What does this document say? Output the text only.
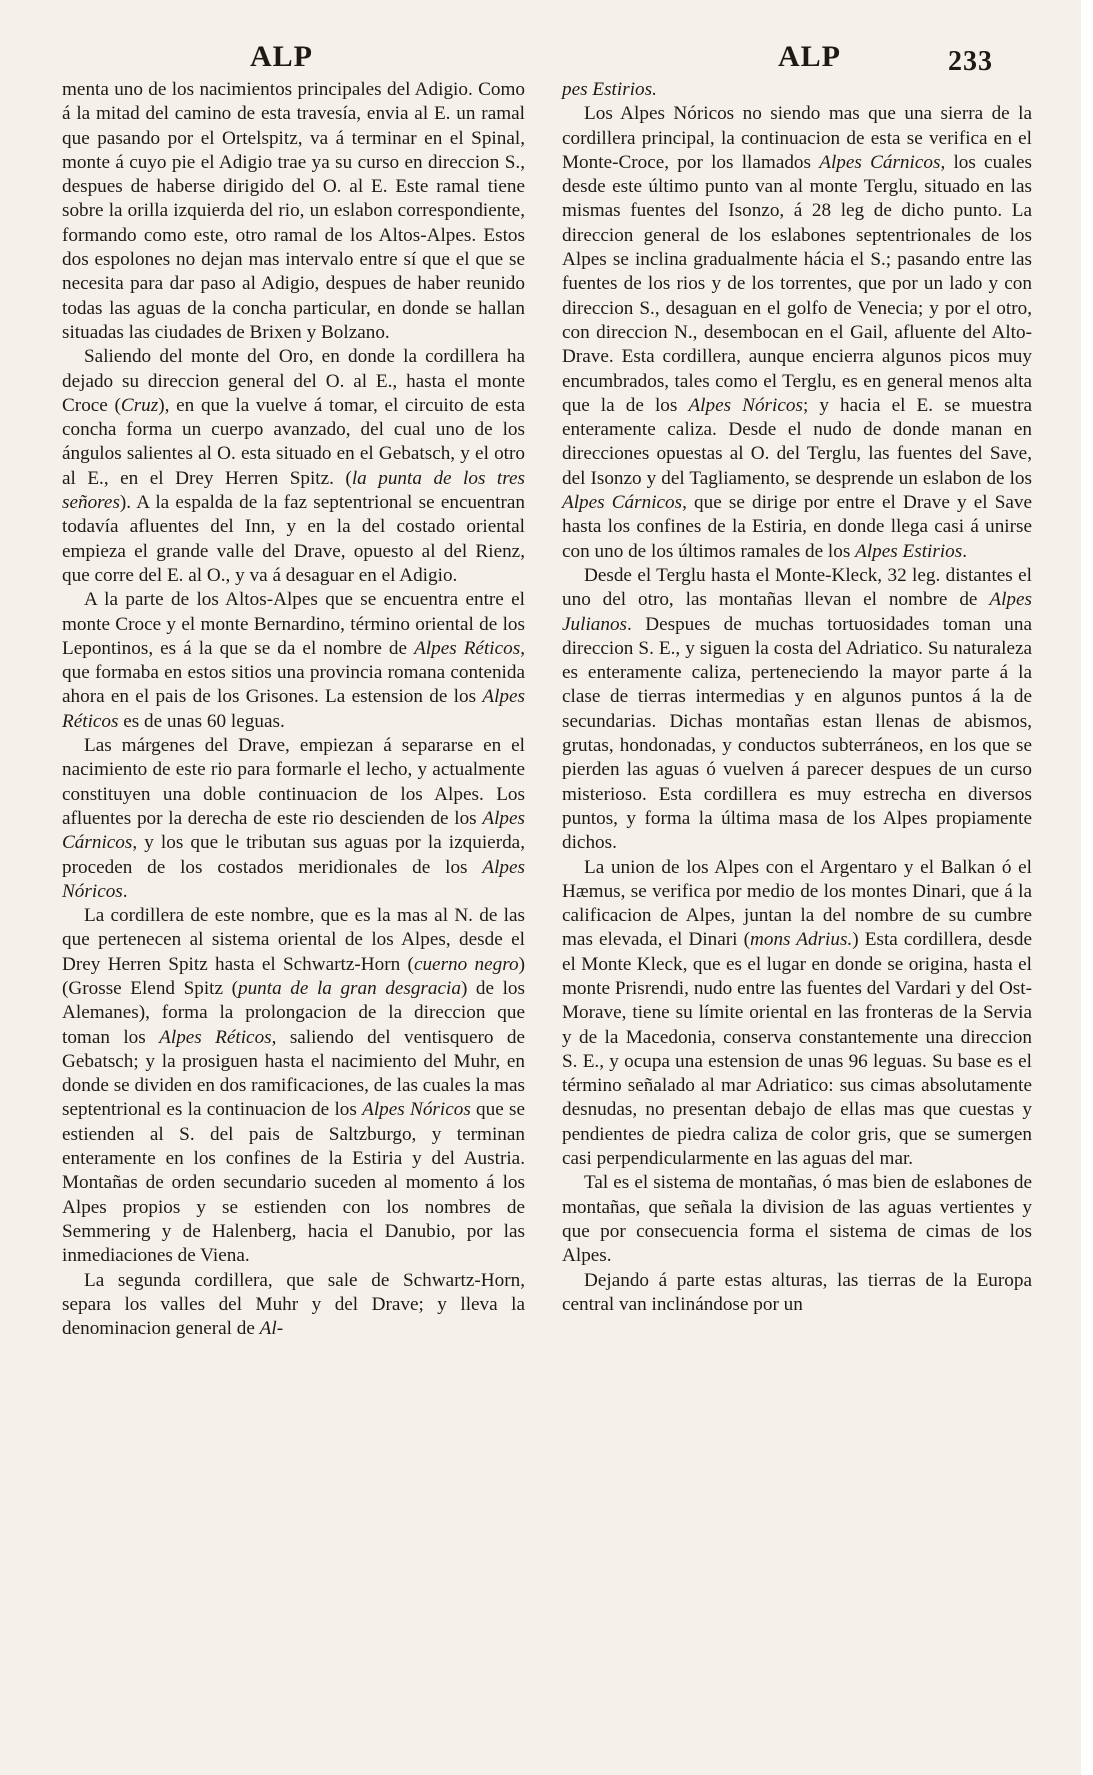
ALP	ALP	233

menta uno de los nacimientos principales del Adigio. Como á la mitad del camino de esta travesía, envia al E. un ramal que pasando por el Ortelspitz, va á terminar en el Spinal, monte á cuyo pie el Adigio trae ya su curso en direccion S., despues de haberse dirigido del O. al E. Este ramal tiene sobre la orilla izquierda del rio, un eslabon correspondiente, formando como este, otro ramal de los Altos-Alpes. Estos dos espolones no dejan mas intervalo entre sí que el que se necesita para dar paso al Adigio, despues de haber reunido todas las aguas de la concha particular, en donde se hallan situadas las ciudades de Brixen y Bolzano.

Saliendo del monte del Oro, en donde la cordillera ha dejado su direccion general del O. al E., hasta el monte Croce (Cruz), en que la vuelve á tomar, el circuito de esta concha forma un cuerpo avanzado, del cual uno de los ángulos salientes al O. esta situado en el Gebatsch, y el otro al E., en el Drey Herren Spitz. (la punta de los tres señores). A la espalda de la faz septentrional se encuentran todavía afluentes del Inn, y en la del costado oriental empieza el grande valle del Drave, opuesto al del Rienz, que corre del E. al O., y va á desaguar en el Adigio.

A la parte de los Altos-Alpes que se encuentra entre el monte Croce y el monte Bernardino, término oriental de los Lepontinos, es á la que se da el nombre de Alpes Réticos, que formaba en estos sitios una provincia romana contenida ahora en el pais de los Grisones. La estension de los Alpes Réticos es de unas 60 leguas.

Las márgenes del Drave, empiezan á separarse en el nacimiento de este rio para formarle el lecho, y actualmente constituyen una doble continuacion de los Alpes. Los afluentes por la derecha de este rio descienden de los Alpes Cárnicos, y los que le tributan sus aguas por la izquierda, proceden de los costados meridionales de los Alpes Nóricos.

La cordillera de este nombre, que es la mas al N. de las que pertenecen al sistema oriental de los Alpes, desde el Drey Herren Spitz hasta el Schwartz-Horn (cuerno negro) (Grosse Elend Spitz (punta de la gran desgracia) de los Alemanes), forma la prolongacion de la direccion que toman los Alpes Réticos, saliendo del ventisquero de Gebatsch; y la prosiguen hasta el nacimiento del Muhr, en donde se dividen en dos ramificaciones, de las cuales la mas septentrional es la continuacion de los Alpes Nóricos que se estienden al S. del pais de Saltzburgo, y terminan enteramente en los confines de la Estiria y del Austria. Montañas de orden secundario suceden al momento á los Alpes propios y se estienden con los nombres de Semmering y de Halenberg, hacia el Danubio, por las inmediaciones de Viena.

La segunda cordillera, que sale de Schwartz-Horn, separa los valles del Muhr y del Drave; y lleva la denominacion general de Al-

pes Estirios.

Los Alpes Nóricos no siendo mas que una sierra de la cordillera principal, la continuacion de esta se verifica en el Monte-Croce, por los llamados Alpes Cárnicos, los cuales desde este último punto van al monte Terglu, situado en las mismas fuentes del Isonzo, á 28 leg de dicho punto. La direccion general de los eslabones septentrionales de los Alpes se inclina gradualmente hácia el S.; pasando entre las fuentes de los rios y de los torrentes, que por un lado y con direccion S., desaguan en el golfo de Venecia; y por el otro, con direccion N., desembocan en el Gail, afluente del Alto-Drave. Esta cordillera, aunque encierra algunos picos muy encumbrados, tales como el Terglu, es en general menos alta que la de los Alpes Nóricos; y hacia el E. se muestra enteramente caliza. Desde el nudo de donde manan en direcciones opuestas al O. del Terglu, las fuentes del Save, del Isonzo y del Tagliamento, se desprende un eslabon de los Alpes Cárnicos, que se dirige por entre el Drave y el Save hasta los confines de la Estiria, en donde llega casi á unirse con uno de los últimos ramales de los Alpes Estirios.

Desde el Terglu hasta el Monte-Kleck, 32 leg. distantes el uno del otro, las montañas llevan el nombre de Alpes Julianos. Despues de muchas tortuosidades toman una direccion S. E., y siguen la costa del Adriatico. Su naturaleza es enteramente caliza, perteneciendo la mayor parte á la clase de tierras intermedias y en algunos puntos á la de secundarias. Dichas montañas estan llenas de abismos, grutas, hondonadas, y conductos subterráneos, en los que se pierden las aguas ó vuelven á parecer despues de un curso misterioso. Esta cordillera es muy estrecha en diversos puntos, y forma la última masa de los Alpes propiamente dichos.

La union de los Alpes con el Argentaro y el Balkan ó el Hæmus, se verifica por medio de los montes Dinari, que á la calificacion de Alpes, juntan la del nombre de su cumbre mas elevada, el Dinari (mons Adrius.) Esta cordillera, desde el Monte Kleck, que es el lugar en donde se origina, hasta el monte Prisrendi, nudo entre las fuentes del Vardari y del Ost-Morave, tiene su límite oriental en las fronteras de la Servia y de la Macedonia, conserva constantemente una direccion S. E., y ocupa una estension de unas 96 leguas. Su base es el término señalado al mar Adriatico: sus cimas absolutamente desnudas, no presentan debajo de ellas mas que cuestas y pendientes de piedra caliza de color gris, que se sumergen casi perpendicularmente en las aguas del mar.

Tal es el sistema de montañas, ó mas bien de eslabones de montañas, que señala la division de las aguas vertientes y que por consecuencia forma el sistema de cimas de los Alpes.

Dejando á parte estas alturas, las tierras de la Europa central van inclinándose por un
